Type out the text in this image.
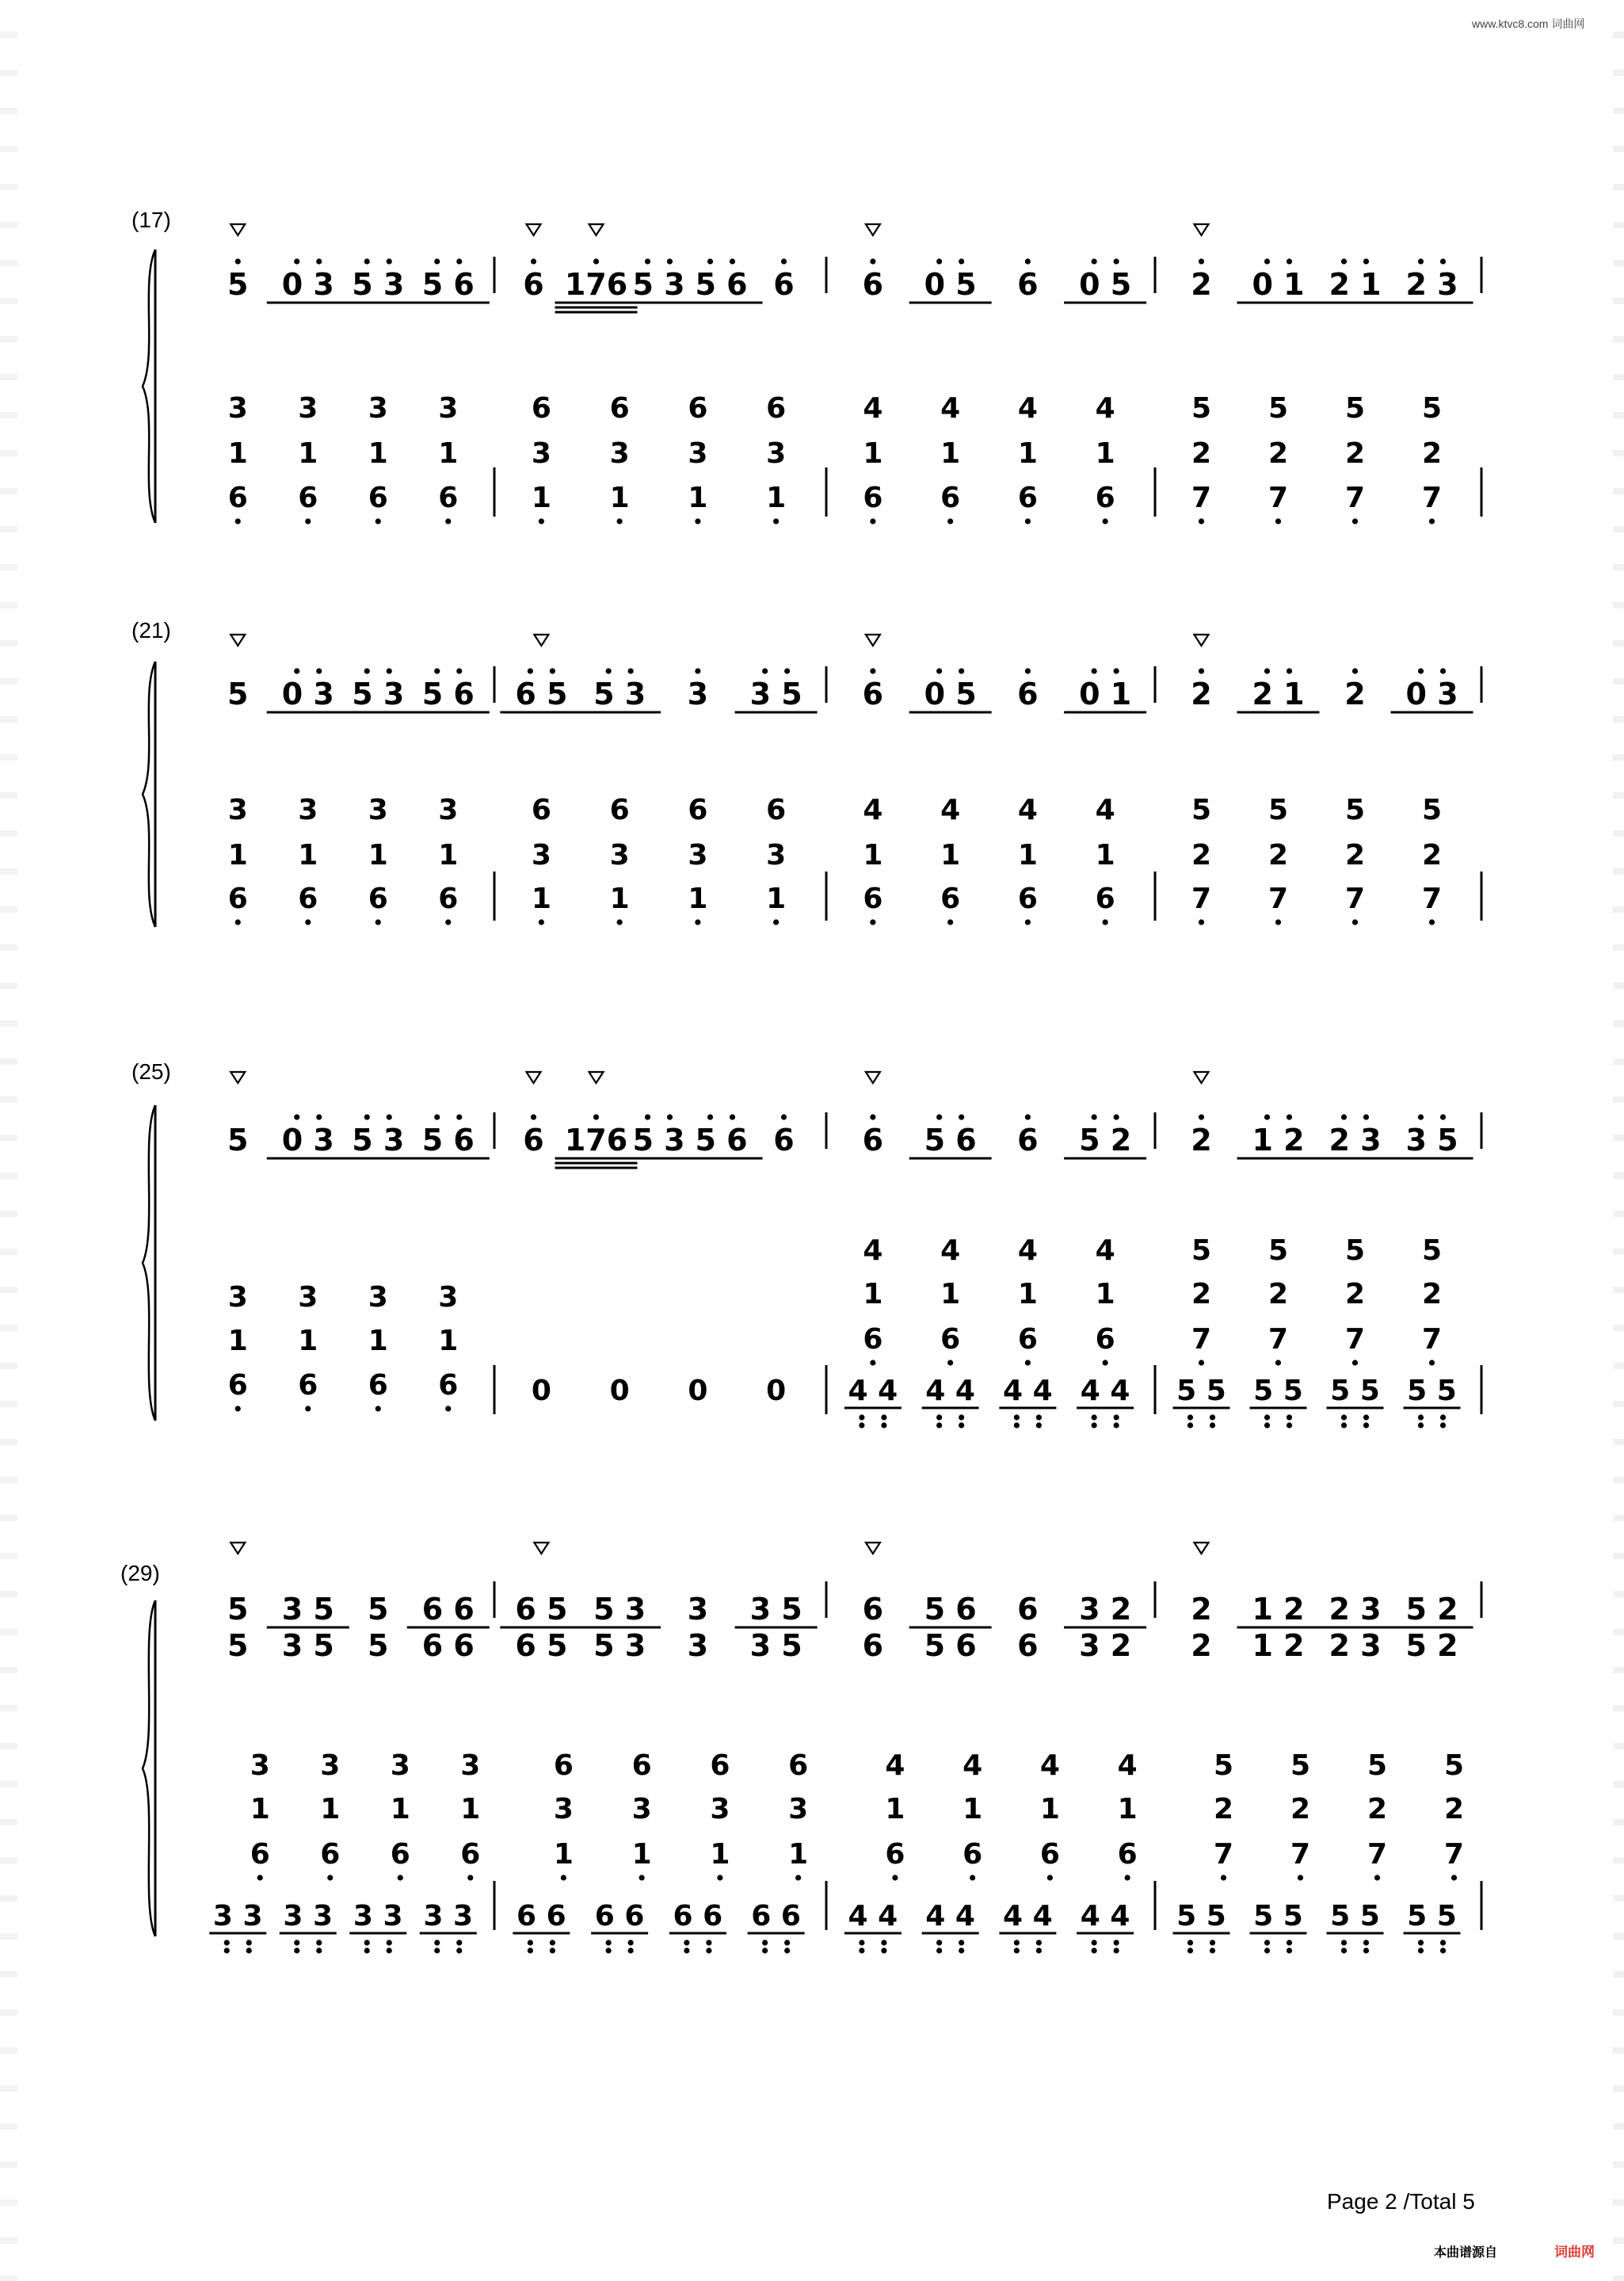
www.ktvc8.com 词曲网
(17)
(21)
(25)
(29)
5 0 3 5 3 5 6 6 176 5 3 5 6 6 6 0 5 6 0 5 2 0 1 2 1 2 3
3
1
6
3
1
6
3
1
6
3
1
6
6
3
1
6
3
1
6
3
1
6
3
1
4
1
6
4
1
6
4
1
6
4
1
6
5
2
7
5
2
7
5
2
7
5
2
7
5 0 3 5 3 5 6 6 5 5 3 3 3 5 6 0 5 6 0 1 2 2 1 2 0 3
3
1
6
3
1
6
3
1
6
3
1
6
6
3
1
6
3
1
6
3
1
6
3
1
4
1
6
4
1
6
4
1
6
4
1
6
5
2
7
5
2
7
5
2
7
5
2
7
5 0 3 5 3 5 6 6 176 5 3 5 6 6 6 5 6 6 5 2 2 1 2 2 3 3 5
3
1
6
3
1
6
3
1
6
3
1
6
4
1
6
4
1
6
4
1
6
4
1
6
5
2
7
5
2
7
5
2
7
5
2
7
0 0 0 0 4 4 4 4 4 4 4 4 5 5 5 5 5 5 5 5
5
5
3 5
3 5
5
5
6 6
6 6
6 5
6 5
5 3
5 3
3
3
3 5
3 5
6
6
5 6
5 6
6
6
3 2
3 2
2
2
1 2
1 2
2 3
2 3
5 2
5 2
3
1
6
3
1
6
3
1
6
3
1
6
6
3
1
6
3
1
6
3
1
6
3
1
4
1
6
4
1
6
4
1
6
4
1
6
5
2
7
5
2
7
5
2
7
5
2
7
3 3 3 3 3 3 3 3 6 6 6 6 6 6 6 6 4 4 4 4 4 4 4 4 5 5 5 5 5 5 5 5
Page 2 /Total 5
本曲谱源自	词曲网
